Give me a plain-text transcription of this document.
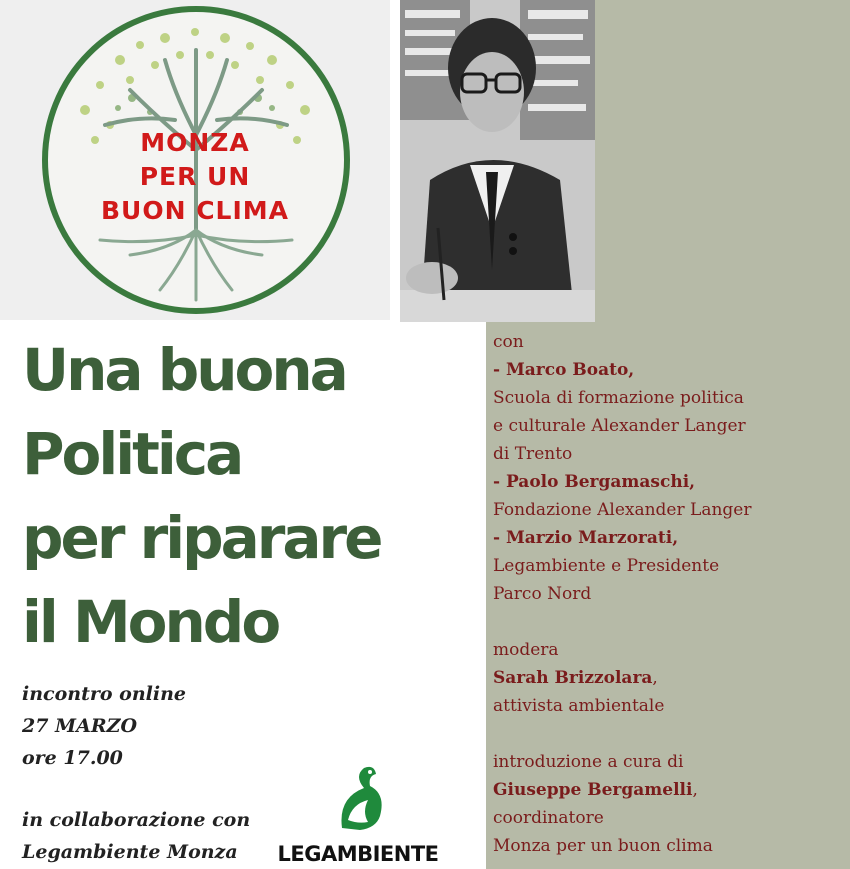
MONZA
PER UN
BUON CLIMA
Una buona
Politica
per riparare
il Mondo
incontro online
27 MARZO
ore 17.00
in collaborazione con
Legambiente Monza	LEGAMBIENTE
con
- Marco Boato,
Scuola di formazione politica
e culturale Alexander Langer
di Trento
- Paolo Bergamaschi,
Fondazione Alexander Langer
- Marzio Marzorati,
Legambiente e Presidente
Parco Nord
modera
Sarah Brizzolara,
attivista ambientale
introduzione a cura di
Giuseppe Bergamelli,
coordinatore
Monza per un buon clima
